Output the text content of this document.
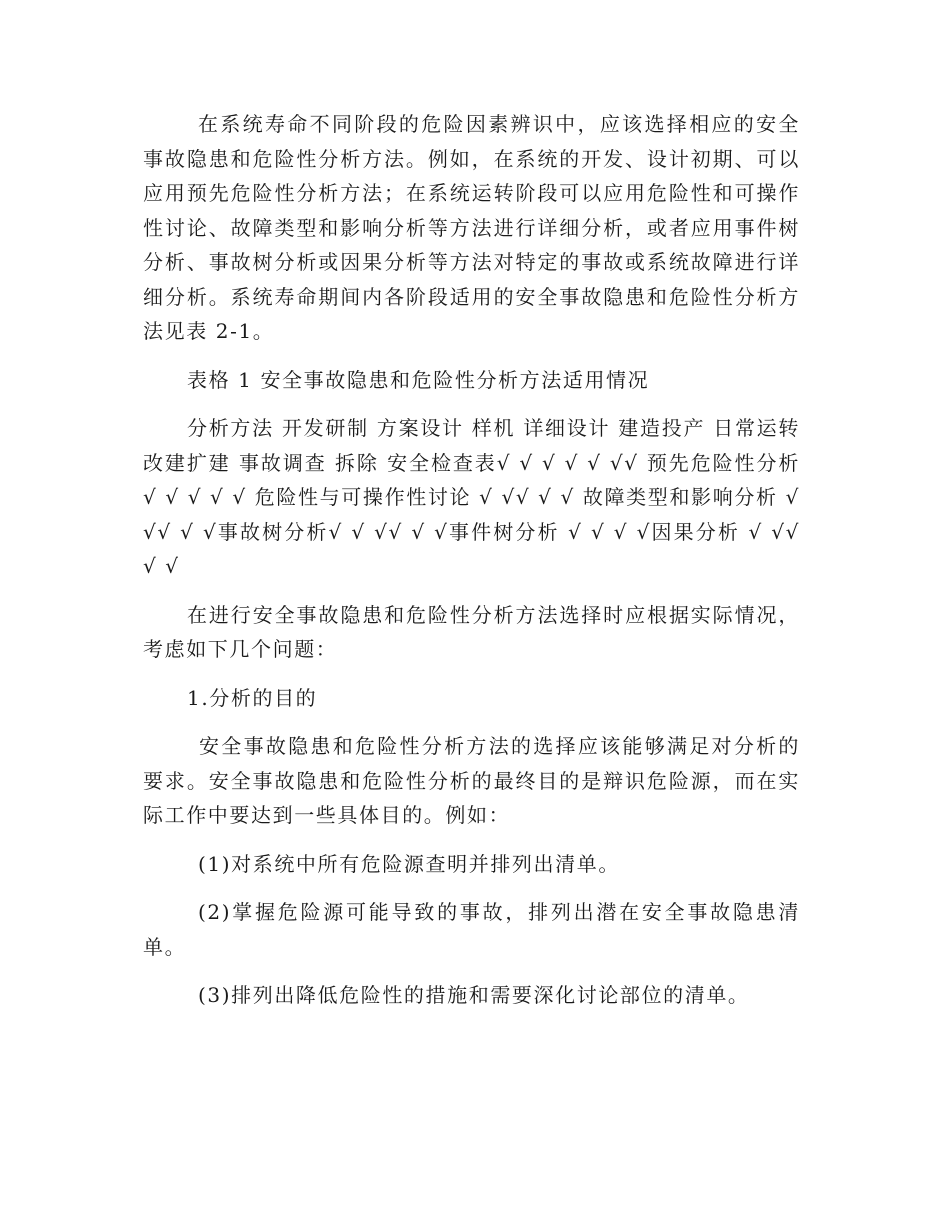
在系统寿命不同阶段的危险因素辨识中，应该选择相应的安全事故隐患和危险性分析方法。例如，在系统的开发、设计初期、可以应用预先危险性分析方法；在系统运转阶段可以应用危险性和可操作性讨论、故障类型和影响分析等方法进行详细分析，或者应用事件树分析、事故树分析或因果分析等方法对特定的事故或系统故障进行详细分析。系统寿命期间内各阶段适用的安全事故隐患和危险性分析方法见表 2-1。

表格 1 安全事故隐患和危险性分析方法适用情况

分析方法 开发研制 方案设计 样机 详细设计 建造投产 日常运转 改建扩建 事故调查 拆除 安全检查表√ √ √ √ √ √√ 预先危险性分析 √ √ √ √ √ 危险性与可操作性讨论 √ √√ √ √ 故障类型和影响分析 √ √√ √ √事故树分析√ √ √√ √ √事件树分析 √ √ √ √因果分析 √ √√ √ √

在进行安全事故隐患和危险性分析方法选择时应根据实际情况，考虑如下几个问题：

1.分析的目的

安全事故隐患和危险性分析方法的选择应该能够满足对分析的要求。安全事故隐患和危险性分析的最终目的是辩识危险源，而在实际工作中要达到一些具体目的。例如：

(1)对系统中所有危险源查明并排列出清单。

(2)掌握危险源可能导致的事故，排列出潜在安全事故隐患清单。

(3)排列出降低危险性的措施和需要深化讨论部位的清单。
